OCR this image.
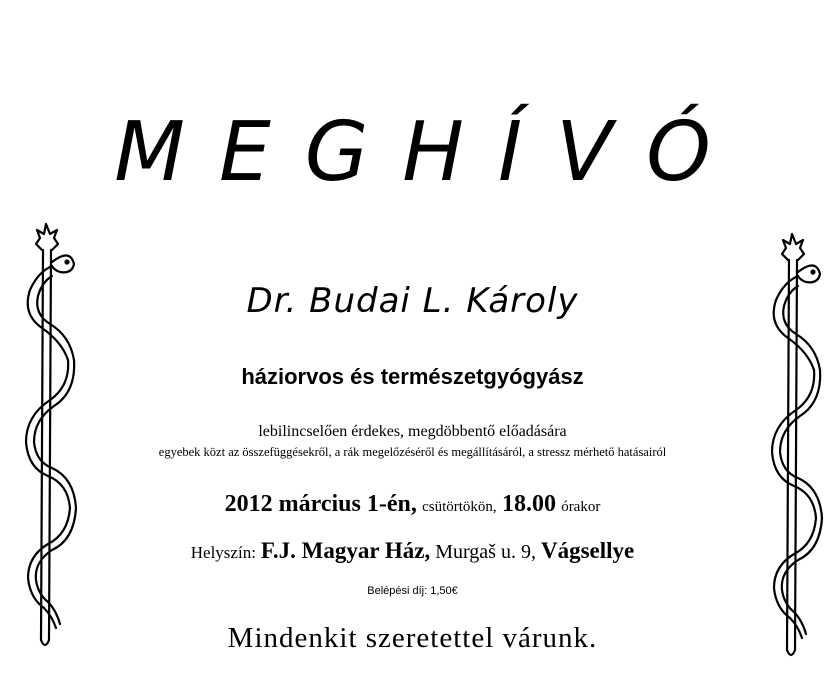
MEGHÍVÓ
Dr. Budai L. Károly
háziorvos és természetgyógyász
lebilincselően érdekes, megdöbbentő előadására
egyebek közt az összefüggésekről, a rák megelőzéséről és megállításáról, a stressz mérhető hatásairól
2012 március 1-én, csütörtökön, 18.00 órakor
Helyszín: F.J. Magyar Ház, Murgaš u. 9, Vágsellye
Belépési díj: 1,50€
Mindenkit szeretettel várunk.
